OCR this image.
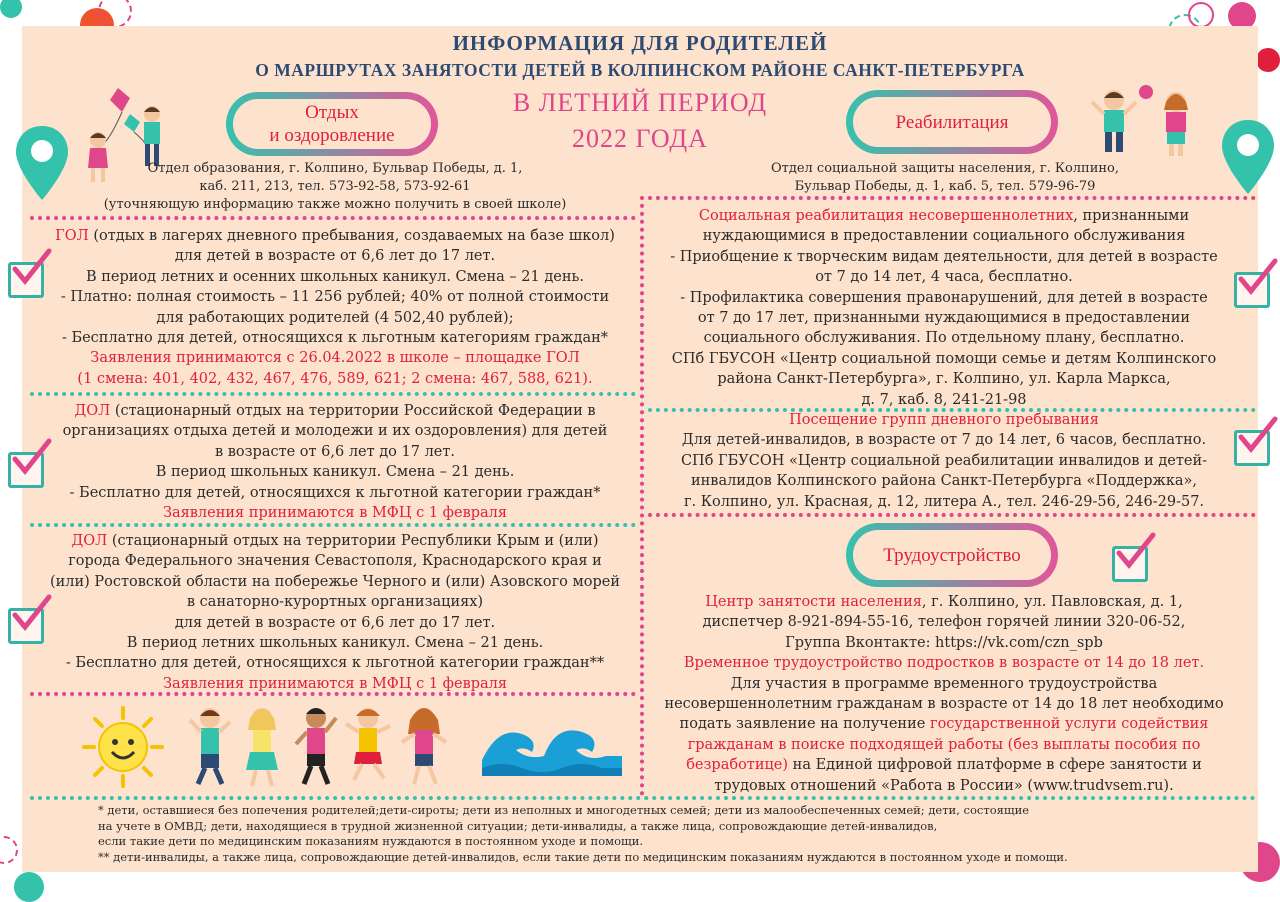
ИНФОРМАЦИЯ ДЛЯ РОДИТЕЛЕЙ
О МАРШРУТАХ ЗАНЯТОСТИ ДЕТЕЙ В КОЛПИНСКОМ РАЙОНЕ САНКТ-ПЕТЕРБУРГА
В ЛЕТНИЙ ПЕРИОД
2022 ГОДА
Отдых
и оздоровление
Реабилитация
Отдел образования, г. Колпино, Бульвар Победы, д. 1,
каб. 211, 213, тел. 573-92-58, 573-92-61
(уточняющую информацию также можно получить в своей школе)
Отдел социальной защиты населения, г. Колпино,
Бульвар Победы, д. 1, каб. 5, тел. 579-96-79
ГОЛ (отдых в лагерях дневного пребывания, создаваемых на базе школ)
для детей в возрасте от 6,6 лет до 17 лет.
В период летних и осенних школьных каникул. Смена – 21 день.
- Платно: полная стоимость – 11 256 рублей; 40% от полной стоимости
для работающих родителей (4 502,40 рублей);
- Бесплатно для детей, относящихся к льготным категориям граждан*
Заявления принимаются с 26.04.2022 в школе – площадке ГОЛ
(1 смена: 401, 402, 432, 467, 476, 589, 621; 2 смена: 467, 588, 621).
ДОЛ (стационарный отдых на территории Российской Федерации в
организациях отдыха детей и молодежи и их оздоровления) для детей
в возрасте от 6,6 лет до 17 лет.
В период школьных каникул. Смена – 21 день.
- Бесплатно для детей, относящихся к льготной категории граждан*
Заявления принимаются в МФЦ с 1 февраля
ДОЛ (стационарный отдых на территории Республики Крым и (или)
города Федерального значения Севастополя, Краснодарского края и
(или) Ростовской области на побережье Черного и (или) Азовского морей
в санаторно-курортных организациях)
для детей в возрасте от 6,6 лет до 17 лет.
В период летних школьных каникул. Смена – 21 день.
- Бесплатно для детей, относящихся к льготной категории граждан**
Заявления принимаются в МФЦ с 1 февраля
Социальная реабилитация несовершеннолетних, признанными
нуждающимися в предоставлении социального обслуживания
- Приобщение к творческим видам деятельности, для детей в возрасте
от 7 до 14 лет, 4 часа, бесплатно.
- Профилактика совершения правонарушений, для детей в возрасте
от 7 до 17 лет, признанными нуждающимися в предоставлении
социального обслуживания. По отдельному плану, бесплатно.
СПб ГБУСОН «Центр социальной помощи семье и детям Колпинского
района Санкт-Петербурга», г. Колпино, ул. Карла Маркса,
д. 7, каб. 8, 241-21-98
Посещение групп дневного пребывания
Для детей-инвалидов, в возрасте от 7 до 14 лет, 6 часов, бесплатно.
СПб ГБУСОН «Центр социальной реабилитации инвалидов и детей-
инвалидов Колпинского района Санкт-Петербурга «Поддержка»,
г. Колпино, ул. Красная, д. 12, литера А., тел. 246-29-56, 246-29-57.
Трудоустройство
Центр занятости населения, г. Колпино, ул. Павловская, д. 1,
диспетчер 8-921-894-55-16, телефон горячей линии 320-06-52,
Группа Вконтакте: https://vk.com/czn_spb
Временное трудоустройство подростков в возрасте от 14 до 18 лет.
Для участия в программе временного трудоустройства
несовершеннолетним гражданам в возрасте от 14 до 18 лет необходимо
подать заявление на получение государственной услуги содействия
гражданам в поиске подходящей работы (без выплаты пособия по
безработице) на Единой цифровой платформе в сфере занятости и
трудовых отношений «Работа в России» (www.trudvsem.ru).
* дети, оставшиеся без попечения родителей;дети-сироты; дети из неполных и многодетных семей; дети из малообеспеченных семей; дети, состоящие
на учете в ОМВД; дети, находящиеся в трудной жизненной ситуации; дети-инвалиды, а также лица, сопровождающие детей-инвалидов,
если такие дети по медицинским показаниям нуждаются в постоянном уходе и помощи.
** дети-инвалиды, а также лица, сопровождающие детей-инвалидов, если такие дети по медицинским показаниям нуждаются в постоянном уходе и помощи.
